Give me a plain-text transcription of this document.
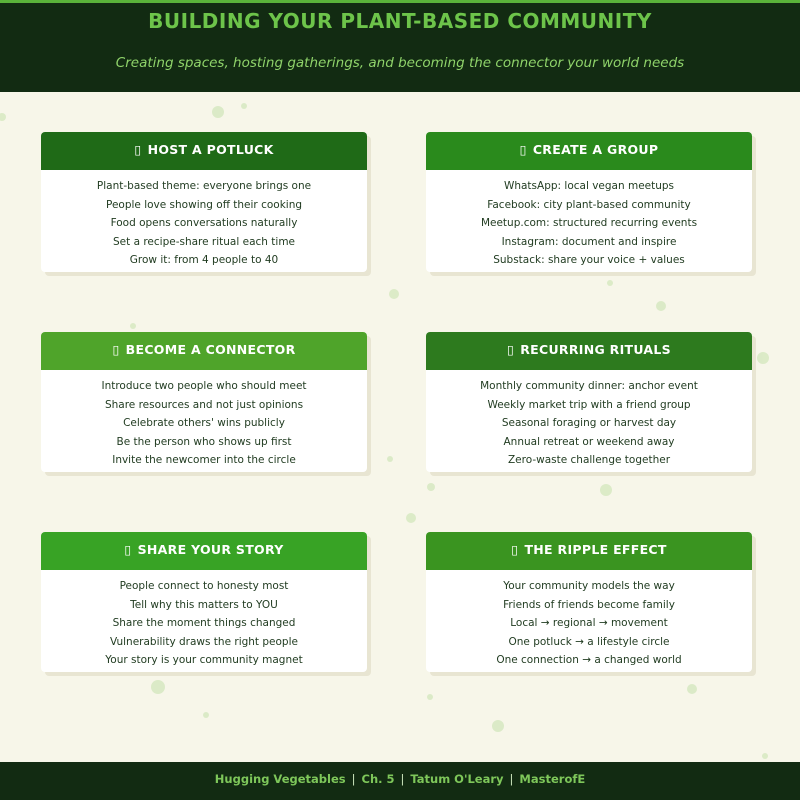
BUILDING YOUR PLANT-BASED COMMUNITY
Creating spaces, hosting gatherings, and becoming the connector your world needs
▯ HOST A POTLUCK
Plant-based theme: everyone brings one
People love showing off their cooking
Food opens conversations naturally
Set a recipe-share ritual each time
Grow it: from 4 people to 40
▯ CREATE A GROUP
WhatsApp: local vegan meetups
Facebook: city plant-based community
Meetup.com: structured recurring events
Instagram: document and inspire
Substack: share your voice + values
▯ BECOME A CONNECTOR
Introduce two people who should meet
Share resources and not just opinions
Celebrate others' wins publicly
Be the person who shows up first
Invite the newcomer into the circle
▯ RECURRING RITUALS
Monthly community dinner: anchor event
Weekly market trip with a friend group
Seasonal foraging or harvest day
Annual retreat or weekend away
Zero-waste challenge together
▯ SHARE YOUR STORY
People connect to honesty most
Tell why this matters to YOU
Share the moment things changed
Vulnerability draws the right people
Your story is your community magnet
▯ THE RIPPLE EFFECT
Your community models the way
Friends of friends become family
Local → regional → movement
One potluck → a lifestyle circle
One connection → a changed world
Hugging Vegetables | Ch. 5 | Tatum O'Leary | MasterofE
